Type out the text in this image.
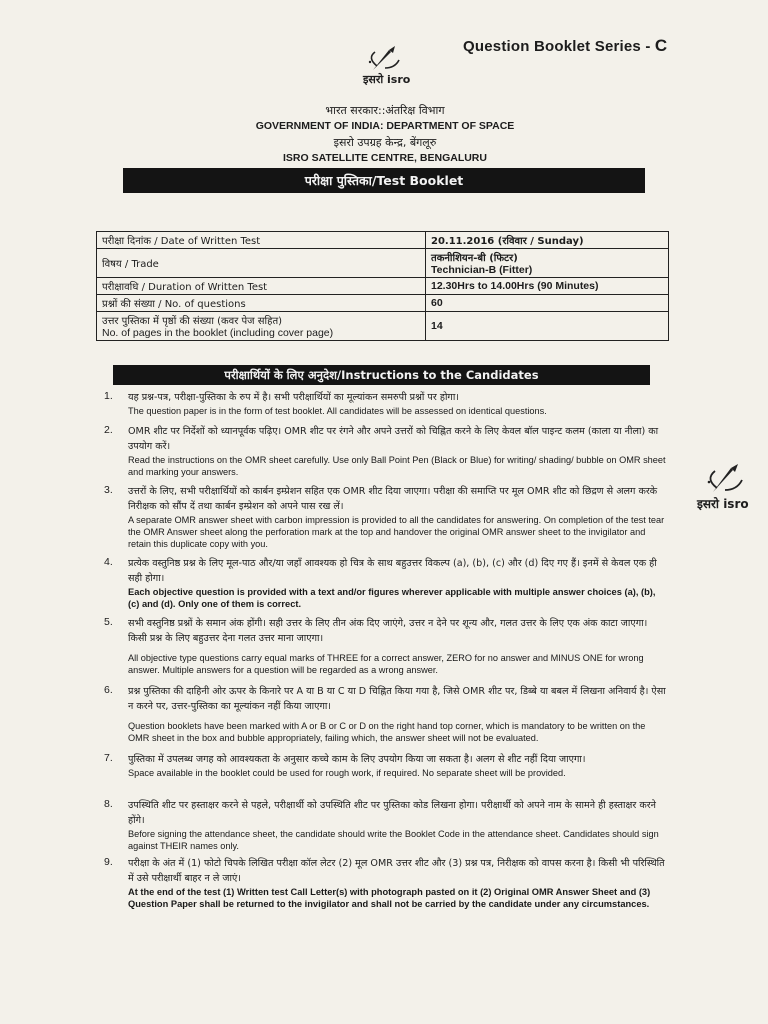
Question Booklet Series - C
इसरो isro
भारत सरकार::अंतरिक्ष विभाग
GOVERNMENT OF INDIA: DEPARTMENT OF SPACE
इसरो उपग्रह केन्द्र, बेंगलूरु
ISRO SATELLITE CENTRE, BENGALURU
परीक्षा पुस्तिका/Test Booklet
परीक्षा दिनांक / Date of Written Test	20.11.2016 (रविवार / Sunday)
विषय / Trade	तकनीशियन-बी (फिटर)
Technician-B (Fitter)

परीक्षावधि / Duration of Written Test	12.30Hrs to 14.00Hrs (90 Minutes)
प्रश्नों की संख्या / No. of questions	60

उत्तर पुस्तिका में पृष्ठों की संख्या (कवर पेज सहित)
No. of pages in the booklet (including cover page)	14
परीक्षार्थियों के लिए अनुदेश/Instructions to the Candidates
इसरो isro
1. यह प्रश्न-पत्र, परीक्षा-पुस्तिका के रुप में है। सभी परीक्षार्थियों का मूल्यांकन समरुपी प्रश्नों पर होगा।
The question paper is in the form of test booklet. All candidates will be assessed on identical questions.
2. OMR शीट पर निर्देशों को ध्यानपूर्वक पढ़िए। OMR शीट पर रंगने और अपने उत्तरों को चिह्नित करने के लिए केवल बॉल पाइन्ट कलम (काला या नीला) का उपयोग करें।
Read the instructions on the OMR sheet carefully. Use only Ball Point Pen (Black or Blue) for writing/ shading/ bubble on OMR sheet and marking your answers.
3. उत्तरों के लिए, सभी परीक्षार्थियों को कार्बन इम्प्रेशन सहित एक OMR शीट दिया जाएगा। परीक्षा की समाप्ति पर मूल OMR शीट को छिद्रण से अलग करके निरीक्षक को सौंप दें तथा कार्बन इम्प्रेशन को अपने पास रख लें।
A separate OMR answer sheet with carbon impression is provided to all the candidates for answering. On completion of the test tear the OMR Answer sheet along the perforation mark at the top and handover the original OMR answer sheet to the invigilator and retain this duplicate copy with you.
4. प्रत्येक वस्तुनिष्ठ प्रश्न के लिए मूल-पाठ और/या जहाँ आवश्यक हो चित्र के साथ बहुउत्तर विकल्प (a), (b), (c) और (d) दिए गए हैं। इनमें से केवल एक ही सही होगा।
Each objective question is provided with a text and/or figures wherever applicable with multiple answer choices (a), (b), (c) and (d). Only one of them is correct.
5. सभी वस्तुनिष्ठ प्रश्नों के समान अंक होंगी। सही उत्तर के लिए तीन अंक दिए जाएंगे, उत्तर न देने पर शून्य और, गलत उत्तर के लिए एक अंक काटा जाएगा। किसी प्रश्न के लिए बहुउत्तर देना गलत उत्तर माना जाएगा।
All objective type questions carry equal marks of THREE for a correct answer, ZERO for no answer and MINUS ONE for wrong answer. Multiple answers for a question will be regarded as a wrong answer.
6. प्रश्न पुस्तिका की दाहिनी ओर ऊपर के किनारे पर A या B या C या D चिह्नित किया गया है, जिसे OMR शीट पर, डिब्बे या बबल में लिखना अनिवार्य है। ऐसा न करने पर, उत्तर-पुस्तिका का मूल्यांकन नहीं किया जाएगा।
Question booklets have been marked with A or B or C or D on the right hand top corner, which is mandatory to be written on the OMR sheet in the box and bubble appropriately, failing which, the answer sheet will not be evaluated.
7. पुस्तिका में उपलब्ध जगह को आवश्यकता के अनुसार कच्चे काम के लिए उपयोग किया जा सकता है। अलग से शीट नहीं दिया जाएगा।
Space available in the booklet could be used for rough work, if required. No separate sheet will be provided.
8. उपस्थिति शीट पर हस्ताक्षर करने से पहले, परीक्षार्थी को उपस्थिति शीट पर पुस्तिका कोड लिखना होगा। परीक्षार्थी को अपने नाम के सामने ही हस्ताक्षर करने होंगे।
Before signing the attendance sheet, the candidate should write the Booklet Code in the attendance sheet. Candidates should sign against THEIR names only.
9. परीक्षा के अंत में (1) फोटो चिपके लिखित परीक्षा कॉल लेटर (2) मूल OMR उत्तर शीट और (3) प्रश्न पत्र, निरीक्षक को वापस करना है। किसी भी परिस्थिति में उसे परीक्षार्थी बाहर न ले जाएं।
At the end of the test (1) Written test Call Letter(s) with photograph pasted on it (2) Original OMR Answer Sheet and (3) Question Paper shall be returned to the invigilator and shall not be carried by the candidate under any circumstances.
